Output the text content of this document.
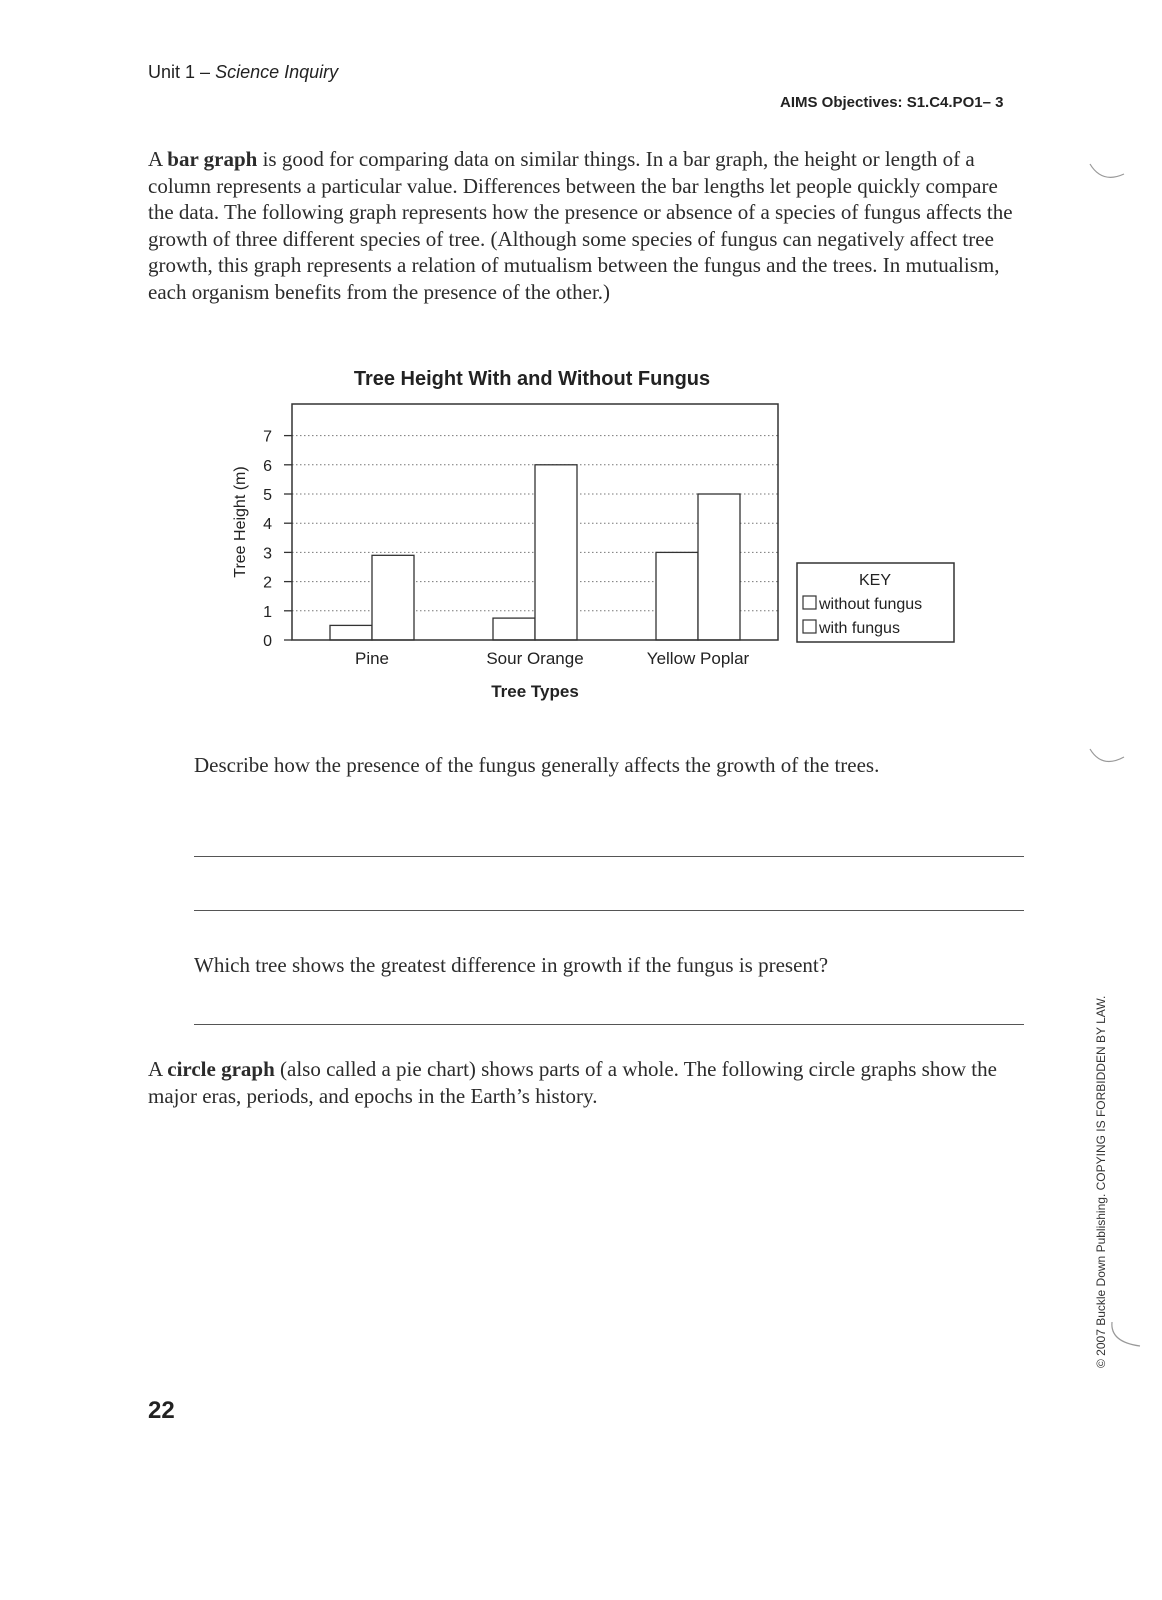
Unit 1 – Science Inquiry
AIMS Objectives: S1.C4.PO1– 3
A bar graph is good for comparing data on similar things. In a bar graph, the height or length of a column represents a particular value. Differences between the bar lengths let people quickly compare the data. The following graph represents how the presence or absence of a species of fungus affects the growth of three different species of tree. (Although some species of fungus can negatively affect tree growth, this graph represents a relation of mutualism between the fungus and the trees. In mutualism, each organism benefits from the presence of the other.)
Tree Height With and Without Fungus
0
1
2
3
4
5
6
7
Pine	Sour Orange	Yellow Poplar
Tree Height (m)
Tree Types
KEY
without fungus
with fungus
Describe how the presence of the fungus generally affects the growth of the trees.
Which tree shows the greatest difference in growth if the fungus is present?
A circle graph (also called a pie chart) shows parts of a whole. The following circle graphs show the major eras, periods, and epochs in the Earth’s history.	© 2007 Buckle Down Publishing. COPYING IS FORBIDDEN BY LAW.
22
